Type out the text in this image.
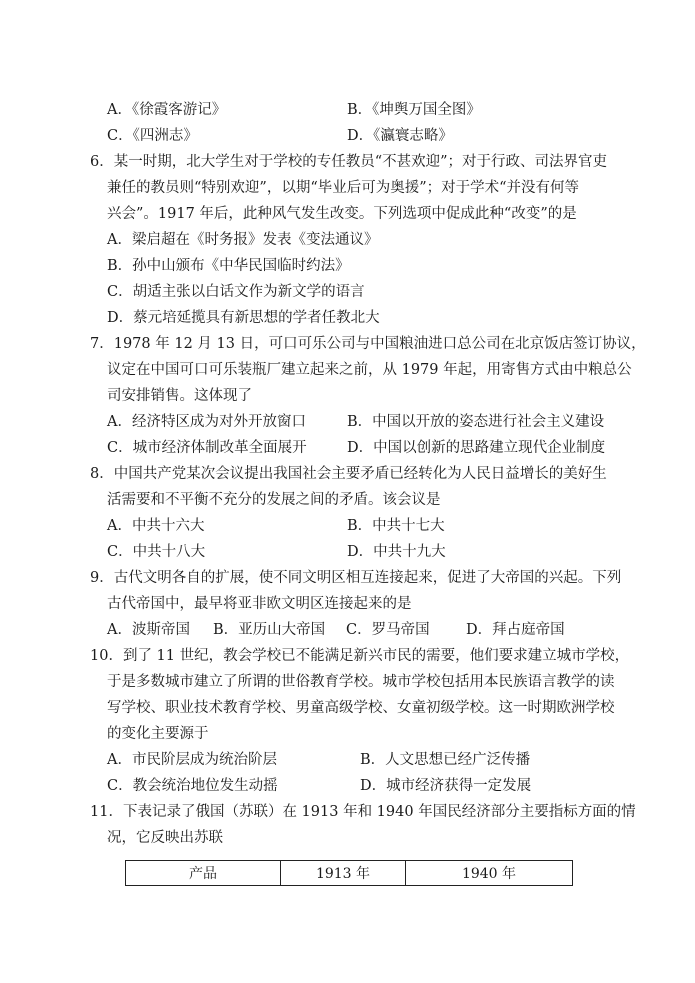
A．《徐霞客游记》	B．《坤舆万国全图》
C．《四洲志》	D．《瀛寰志略》
6．某一时期，北大学生对于学校的专任教员“不甚欢迎”；对于行政、司法界官吏
兼任的教员则“特别欢迎”，以期“毕业后可为奥援”；对于学术“并没有何等
兴会”。1917 年后，此种风气发生改变。下列选项中促成此种“改变”的是
A．梁启超在《时务报》发表《变法通议》
B．孙中山颁布《中华民国临时约法》
C．胡适主张以白话文作为新文学的语言
D．蔡元培延揽具有新思想的学者任教北大
7．1978 年 12 月 13 日，可口可乐公司与中国粮油进口总公司在北京饭店签订协议，
议定在中国可口可乐装瓶厂建立起来之前，从 1979 年起，用寄售方式由中粮总公
司安排销售。这体现了
A．经济特区成为对外开放窗口	B．中国以开放的姿态进行社会主义建设
C．城市经济体制改革全面展开	D．中国以创新的思路建立现代企业制度
8．中国共产党某次会议提出我国社会主要矛盾已经转化为人民日益增长的美好生
活需要和不平衡不充分的发展之间的矛盾。该会议是
A．中共十六大	B．中共十七大
C．中共十八大	D．中共十九大
9．古代文明各自的扩展，使不同文明区相互连接起来，促进了大帝国的兴起。下列
古代帝国中，最早将亚非欧文明区连接起来的是
A．波斯帝国 B．亚历山大帝国 C．罗马帝国	D．拜占庭帝国
10．到了 11 世纪，教会学校已不能满足新兴市民的需要，他们要求建立城市学校，
于是多数城市建立了所谓的世俗教育学校。城市学校包括用本民族语言教学的读
写学校、职业技术教育学校、男童高级学校、女童初级学校。这一时期欧洲学校
的变化主要源于
A．市民阶层成为统治阶层	B．人文思想已经广泛传播
C．教会统治地位发生动摇	D．城市经济获得一定发展
11．下表记录了俄国（苏联）在 1913 年和 1940 年国民经济部分主要指标方面的情
况，它反映出苏联
产品	1913 年	1940 年
